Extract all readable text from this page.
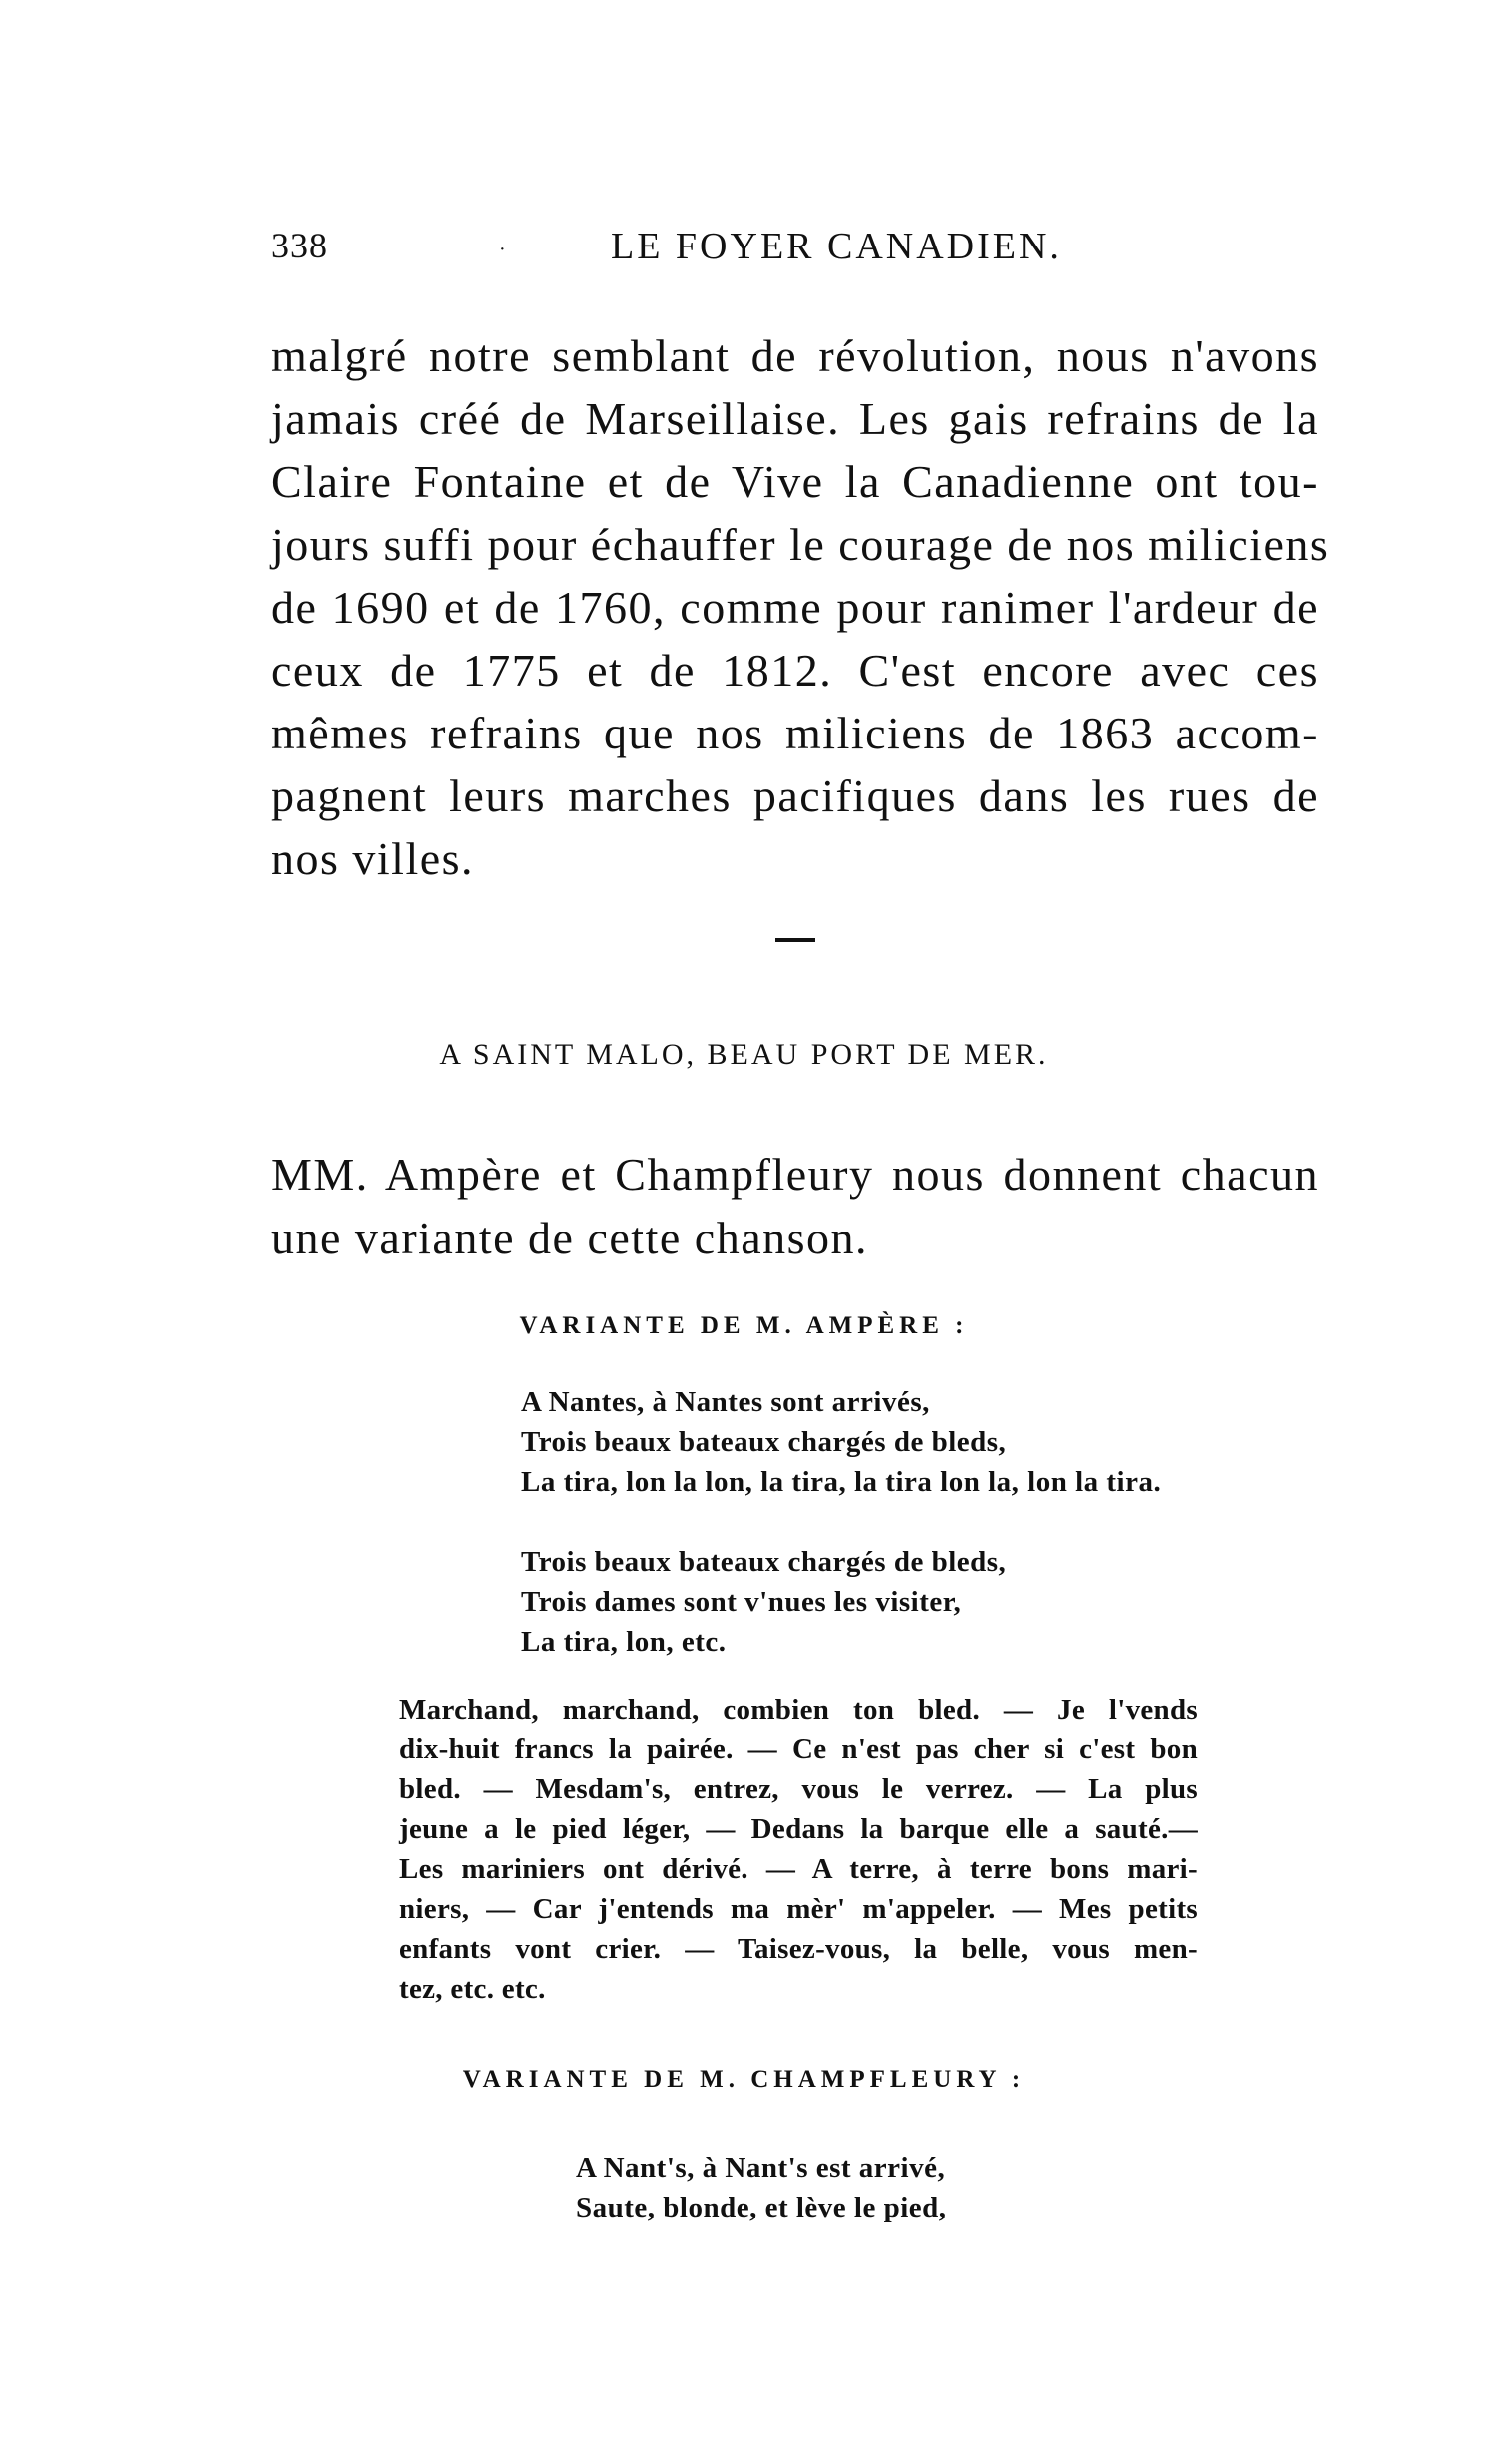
338	·	LE FOYER CANADIEN.
malgré notre semblant de révolution, nous n'avons
jamais créé de Marseillaise. Les gais refrains de la
Claire Fontaine et de Vive la Canadienne ont tou-
jours suffi pour échauffer le courage de nos miliciens
de 1690 et de 1760, comme pour ranimer l'ardeur de
ceux de 1775 et de 1812. C'est encore avec ces
mêmes refrains que nos miliciens de 1863 accom-
pagnent leurs marches pacifiques dans les rues de
nos villes.
A SAINT MALO, BEAU PORT DE MER.
MM. Ampère et Champfleury nous donnent chacun
une variante de cette chanson.
VARIANTE DE M. AMPÈRE :
A Nantes, à Nantes sont arrivés,
Trois beaux bateaux chargés de bleds,
La tira, lon la lon, la tira, la tira lon la, lon la tira.
Trois beaux bateaux chargés de bleds,
Trois dames sont v'nues les visiter,
La tira, lon, etc.
Marchand, marchand, combien ton bled. — Je l'vends
dix-huit francs la pairée. — Ce n'est pas cher si c'est bon
bled. — Mesdam's, entrez, vous le verrez. — La plus
jeune a le pied léger, — Dedans la barque elle a sauté.—
Les mariniers ont dérivé. — A terre, à terre bons mari-
niers, — Car j'entends ma mèr' m'appeler. — Mes petits
enfants vont crier. — Taisez-vous, la belle, vous men-
tez, etc. etc.
VARIANTE DE M. CHAMPFLEURY :
A Nant's, à Nant's est arrivé,
Saute, blonde, et lève le pied,
